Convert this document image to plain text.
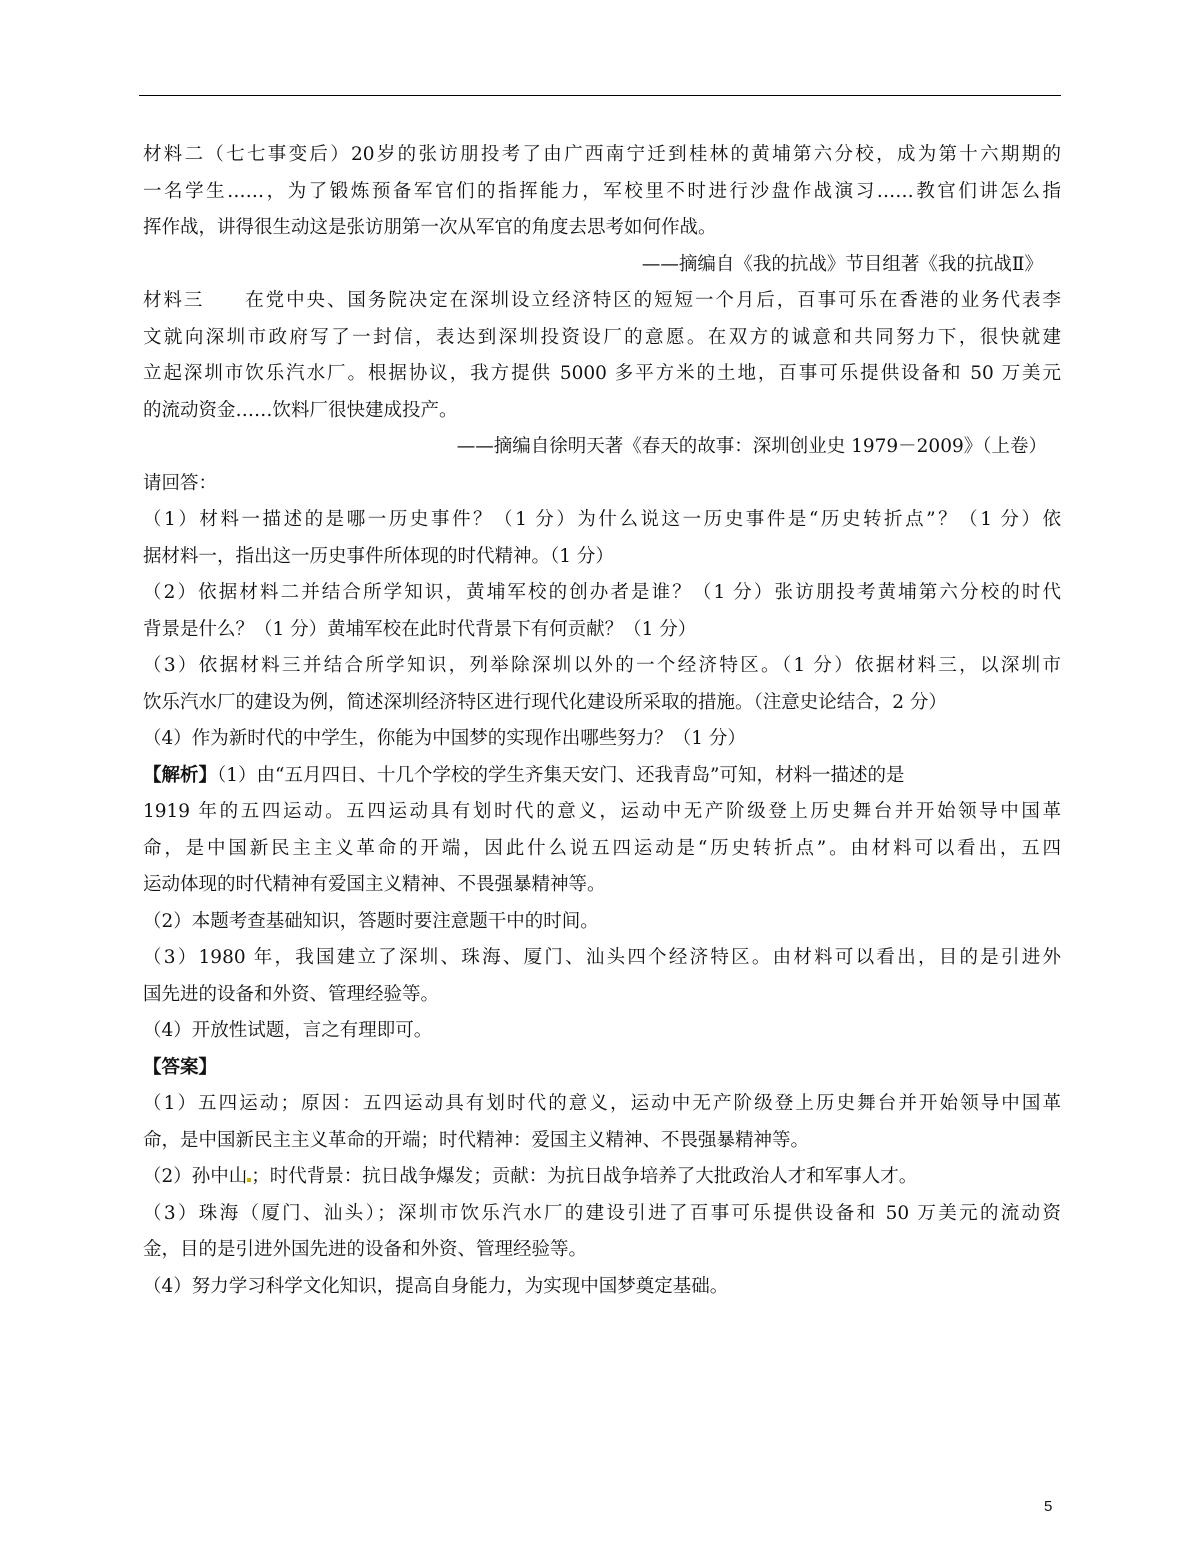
材料二（七七事变后）20岁的张访朋投考了由广西南宁迁到桂林的黄埔第六分校，成为第十六期期的
一名学生……，为了锻炼预备军官们的指挥能力，军校里不时进行沙盘作战演习……教官们讲怎么指
挥作战，讲得很生动这是张访朋第一次从军官的角度去思考如何作战。
——摘编自《我的抗战》节目组著《我的抗战Ⅱ》
材料三　　在党中央、国务院决定在深圳设立经济特区的短短一个月后，百事可乐在香港的业务代表李
文就向深圳市政府写了一封信，表达到深圳投资设厂的意愿。在双方的诚意和共同努力下，很快就建
立起深圳市饮乐汽水厂。根据协议，我方提供 5000 多平方米的土地，百事可乐提供设备和 50 万美元
的流动资金……饮料厂很快建成投产。
——摘编自徐明天著《春天的故事：深圳创业史 1979－2009》（上卷）
请回答：
（1）材料一描述的是哪一历史事件？（1 分）为什么说这一历史事件是“历史转折点”？（1 分）依
据材料一，指出这一历史事件所体现的时代精神。（1 分）
（2）依据材料二并结合所学知识，黄埔军校的创办者是谁？（1 分）张访朋投考黄埔第六分校的时代
背景是什么？（1 分）黄埔军校在此时代背景下有何贡献？（1 分）
（3）依据材料三并结合所学知识，列举除深圳以外的一个经济特区。（1 分）依据材料三，以深圳市
饮乐汽水厂的建设为例，简述深圳经济特区进行现代化建设所采取的措施。（注意史论结合，2 分）
（4）作为新时代的中学生，你能为中国梦的实现作出哪些努力？（1 分）
【解析】（1）由“五月四日、十几个学校的学生齐集天安门、还我青岛”可知，材料一描述的是
1919 年的五四运动。五四运动具有划时代的意义，运动中无产阶级登上历史舞台并开始领导中国革
命，是中国新民主主义革命的开端，因此什么说五四运动是“历史转折点”。由材料可以看出，五四
运动体现的时代精神有爱国主义精神、不畏强暴精神等。
（2）本题考查基础知识，答题时要注意题干中的时间。
（3）1980 年，我国建立了深圳、珠海、厦门、汕头四个经济特区。由材料可以看出，目的是引进外
国先进的设备和外资、管理经验等。
（4）开放性试题，言之有理即可。
【答案】
（1）五四运动；原因：五四运动具有划时代的意义，运动中无产阶级登上历史舞台并开始领导中国革
命，是中国新民主主义革命的开端；时代精神：爱国主义精神、不畏强暴精神等。
（2）孙中山 ；时代背景：抗日战争爆发；贡献：为抗日战争培养了大批政治人才和军事人才。
（3）珠海（厦门、汕头）；深圳市饮乐汽水厂的建设引进了百事可乐提供设备和 50 万美元的流动资
金，目的是引进外国先进的设备和外资、管理经验等。
（4）努力学习科学文化知识，提高自身能力，为实现中国梦奠定基础。
5
